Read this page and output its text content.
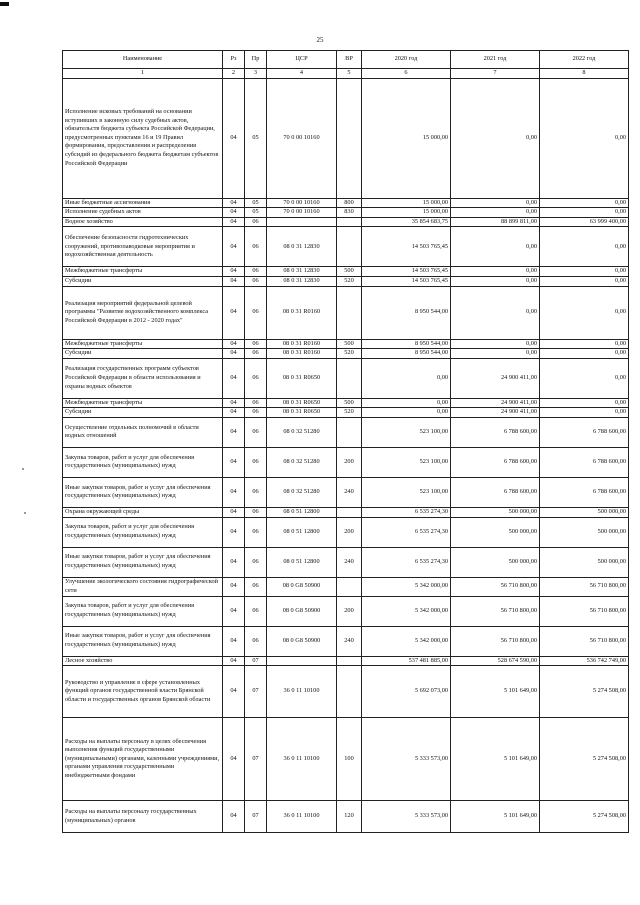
25
Наименование	Рз	Пр	ЦСР	ВР	2020 год	2021 год	2022 год
1	2	3	4	5	6	7	8
Исполнение исковых требований на основании вступивших в законную силу судебных актов, обязательств бюджета субъекта Российской Федерации, предусмотренных пунктами 16 и 19 Правил формирования, предоставления и распределения субсидий из федерального бюджета бюджетам субъектов Российской Федерации	04	05	70 0 00 10160		15 000,00	0,00	0,00
Иные бюджетные ассигнования	04	05	70 0 00 10160	800	15 000,00	0,00	0,00
Исполнение судебных актов	04	05	70 0 00 10160	830	15 000,00	0,00	0,00
Водное хозяйство	04	06			35 854 683,75	88 899 811,00	63 999 400,00
Обеспечение безопасности гидротехнических сооружений, противопаводковые мероприятия и водохозяйственная деятельность	04	06	08 0 31 12830		14 503 765,45	0,00	0,00
Межбюджетные трансферты	04	06	08 0 31 12830	500	14 503 765,45	0,00	0,00
Субсидии	04	06	08 0 31 12830	520	14 503 765,45	0,00	0,00
Реализация мероприятий федеральной целевой программы "Развитие водохозяйственного комплекса Российской Федерации в 2012 - 2020 годах"	04	06	08 0 31 R0160		8 950 544,00	0,00	0,00
Межбюджетные трансферты	04	06	08 0 31 R0160	500	8 950 544,00	0,00	0,00
Субсидии	04	06	08 0 31 R0160	520	8 950 544,00	0,00	0,00
Реализация государственных программ субъектов Российской Федерации в области использования и охраны водных объектов	04	06	08 0 31 R0650		0,00	24 900 411,00	0,00
Межбюджетные трансферты	04	06	08 0 31 R0650	500	0,00	24 900 411,00	0,00
Субсидии	04	06	08 0 31 R0650	520	0,00	24 900 411,00	0,00
Осуществление отдельных полномочий в области водных отношений	04	06	08 0 32 51280		523 100,00	6 788 600,00	6 788 600,00
Закупка товаров, работ и услуг для обеспечения государственных (муниципальных) нужд	04	06	08 0 32 51280	200	523 100,00	6 788 600,00	6 788 600,00
Иные закупки товаров, работ и услуг для обеспечения государственных (муниципальных) нужд	04	06	08 0 32 51280	240	523 100,00	6 788 600,00	6 788 600,00
Охрана окружающей среды	04	06	08 0 51 12800		6 535 274,30	500 000,00	500 000,00
Закупка товаров, работ и услуг для обеспечения государственных (муниципальных) нужд	04	06	08 0 51 12800	200	6 535 274,30	500 000,00	500 000,00
Иные закупки товаров, работ и услуг для обеспечения государственных (муниципальных) нужд	04	06	08 0 51 12800	240	6 535 274,30	500 000,00	500 000,00
Улучшение экологического состояния гидрографической сети	04	06	08 0 G8 50900		5 342 000,00	56 710 800,00	56 710 800,00
Закупка товаров, работ и услуг для обеспечения государственных (муниципальных) нужд	04	06	08 0 G8 50900	200	5 342 000,00	56 710 800,00	56 710 800,00
Иные закупки товаров, работ и услуг для обеспечения государственных (муниципальных) нужд	04	06	08 0 G8 50900	240	5 342 000,00	56 710 800,00	56 710 800,00
Лесное хозяйство	04	07			537 481 885,00	528 674 590,00	536 742 749,00
Руководство и управление в сфере установленных функций органов государственной власти Брянской области и государственных органов Брянской области	04	07	36 0 11 10100		5 692 073,00	5 101 649,00	5 274 508,00
Расходы на выплаты персоналу в целях обеспечения выполнения функций государственными (муниципальными) органами, казенными учреждениями, органами управления государственными внебюджетными фондами	04	07	36 0 11 10100	100	5 333 573,00	5 101 649,00	5 274 508,00
Расходы на выплаты персоналу государственных (муниципальных) органов	04	07	36 0 11 10100	120	5 333 573,00	5 101 649,00	5 274 508,00
